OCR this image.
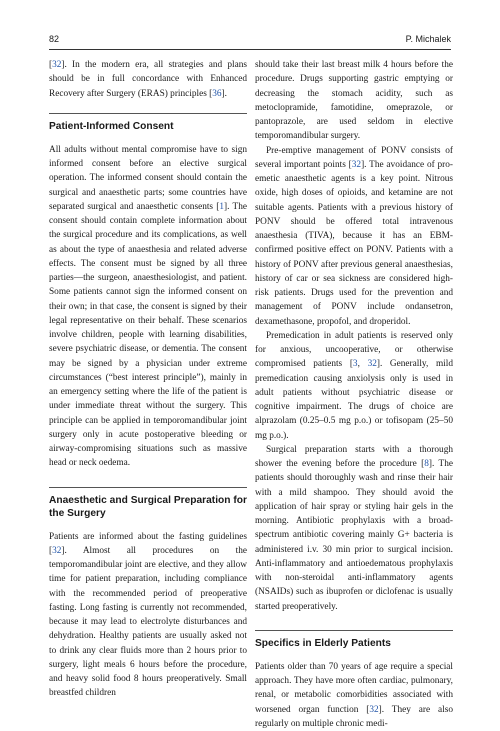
82	P. Michalek

[32]. In the modern era, all strategies and plans should be in full concordance with Enhanced Recovery after Surgery (ERAS) principles [36].

Patient-Informed Consent

All adults without mental compromise have to sign informed consent before an elective surgical operation. The informed consent should contain the surgical and anaesthetic parts; some countries have separated surgical and anaesthetic consents [1]. The consent should contain complete information about the surgical procedure and its complications, as well as about the type of anaesthesia and related adverse effects. The consent must be signed by all three parties—the surgeon, anaesthesiologist, and patient. Some patients cannot sign the informed consent on their own; in that case, the consent is signed by their legal representative on their behalf. These scenarios involve children, people with learning disabilities, severe psychiatric disease, or dementia. The consent may be signed by a physician under extreme circumstances (“best interest principle”), mainly in an emergency setting where the life of the patient is under immediate threat without the surgery. This principle can be applied in temporomandibular joint surgery only in acute postoperative bleeding or airway-compromising situations such as massive head or neck oedema.

Anaesthetic and Surgical Preparation for the Surgery

Patients are informed about the fasting guidelines [32]. Almost all procedures on the temporomandibular joint are elective, and they allow time for patient preparation, including compliance with the recommended period of preoperative fasting. Long fasting is currently not recommended, because it may lead to electrolyte disturbances and dehydration. Healthy patients are usually asked not to drink any clear fluids more than 2 hours prior to surgery, light meals 6 hours before the procedure, and heavy solid food 8 hours preoperatively. Small breastfed children

should take their last breast milk 4 hours before the procedure. Drugs supporting gastric emptying or decreasing the stomach acidity, such as metoclopramide, famotidine, omeprazole, or pantoprazole, are used seldom in elective temporomandibular surgery.

Pre-emptive management of PONV consists of several important points [32]. The avoidance of pro-emetic anaesthetic agents is a key point. Nitrous oxide, high doses of opioids, and ketamine are not suitable agents. Patients with a previous history of PONV should be offered total intravenous anaesthesia (TIVA), because it has an EBM-confirmed positive effect on PONV. Patients with a history of PONV after previous general anaesthesias, history of car or sea sickness are considered high-risk patients. Drugs used for the prevention and management of PONV include ondansetron, dexamethasone, propofol, and droperidol.

Premedication in adult patients is reserved only for anxious, uncooperative, or otherwise compromised patients [3, 32]. Generally, mild premedication causing anxiolysis only is used in adult patients without psychiatric disease or cognitive impairment. The drugs of choice are alprazolam (0.25–0.5 mg p.o.) or tofisopam (25–50 mg p.o.).

Surgical preparation starts with a thorough shower the evening before the procedure [8]. The patients should thoroughly wash and rinse their hair with a mild shampoo. They should avoid the application of hair spray or styling hair gels in the morning. Antibiotic prophylaxis with a broad-spectrum antibiotic covering mainly G+ bacteria is administered i.v. 30 min prior to surgical incision. Anti-inflammatory and antioedematous prophylaxis with non-steroidal anti-inflammatory agents (NSAIDs) such as ibuprofen or diclofenac is usually started preoperatively.

Specifics in Elderly Patients

Patients older than 70 years of age require a special approach. They have more often cardiac, pulmonary, renal, or metabolic comorbidities associated with worsened organ function [32]. They are also regularly on multiple chronic medi-
